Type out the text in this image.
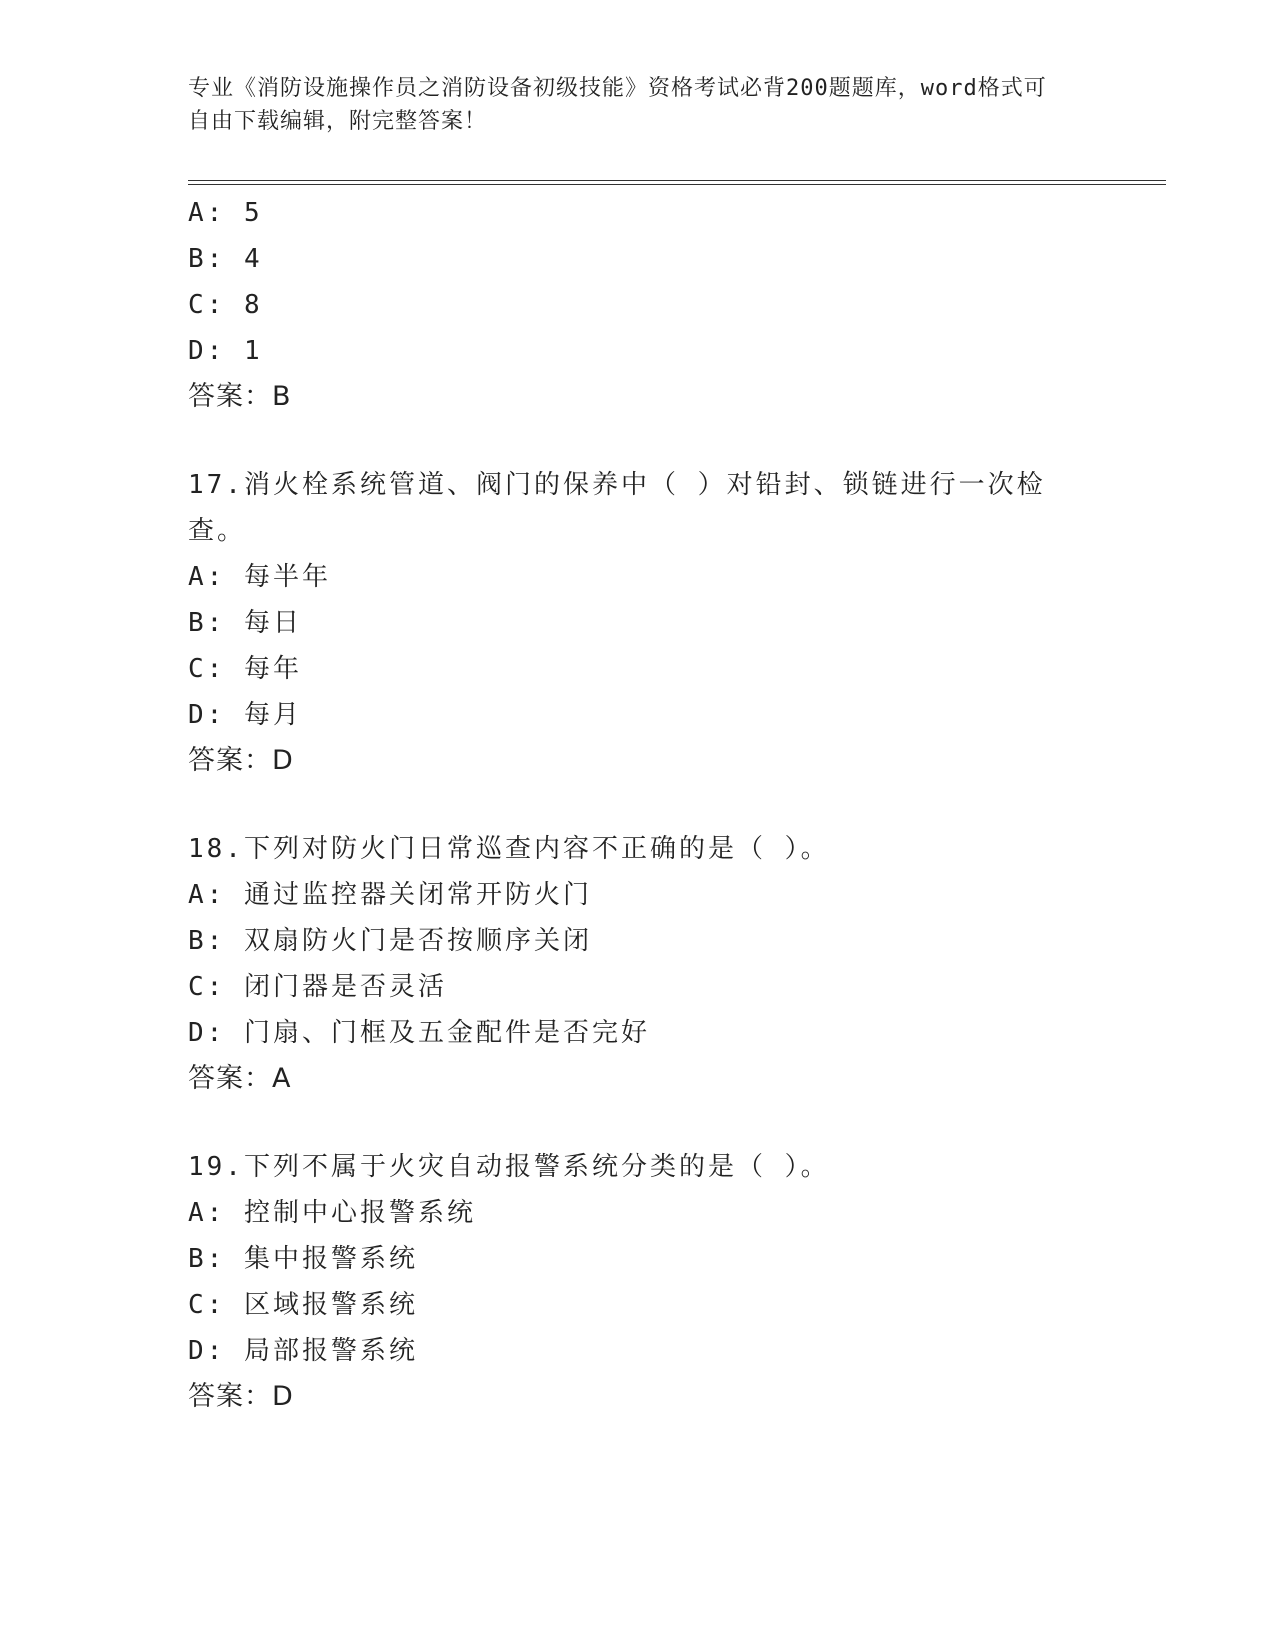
专业《消防设施操作员之消防设备初级技能》资格考试必背200题题库，word格式可自由下载编辑，附完整答案！
A: 5
B: 4
C: 8
D: 1
答案：B
17.消火栓系统管道、阀门的保养中（ ）对铅封、锁链进行一次检查。
A: 每半年
B: 每日
C: 每年
D: 每月
答案：D
18.下列对防火门日常巡查内容不正确的是（ ）。
A: 通过监控器关闭常开防火门
B: 双扇防火门是否按顺序关闭
C: 闭门器是否灵活
D: 门扇、门框及五金配件是否完好
答案：A
19.下列不属于火灾自动报警系统分类的是（ ）。
A: 控制中心报警系统
B: 集中报警系统
C: 区域报警系统
D: 局部报警系统
答案：D
